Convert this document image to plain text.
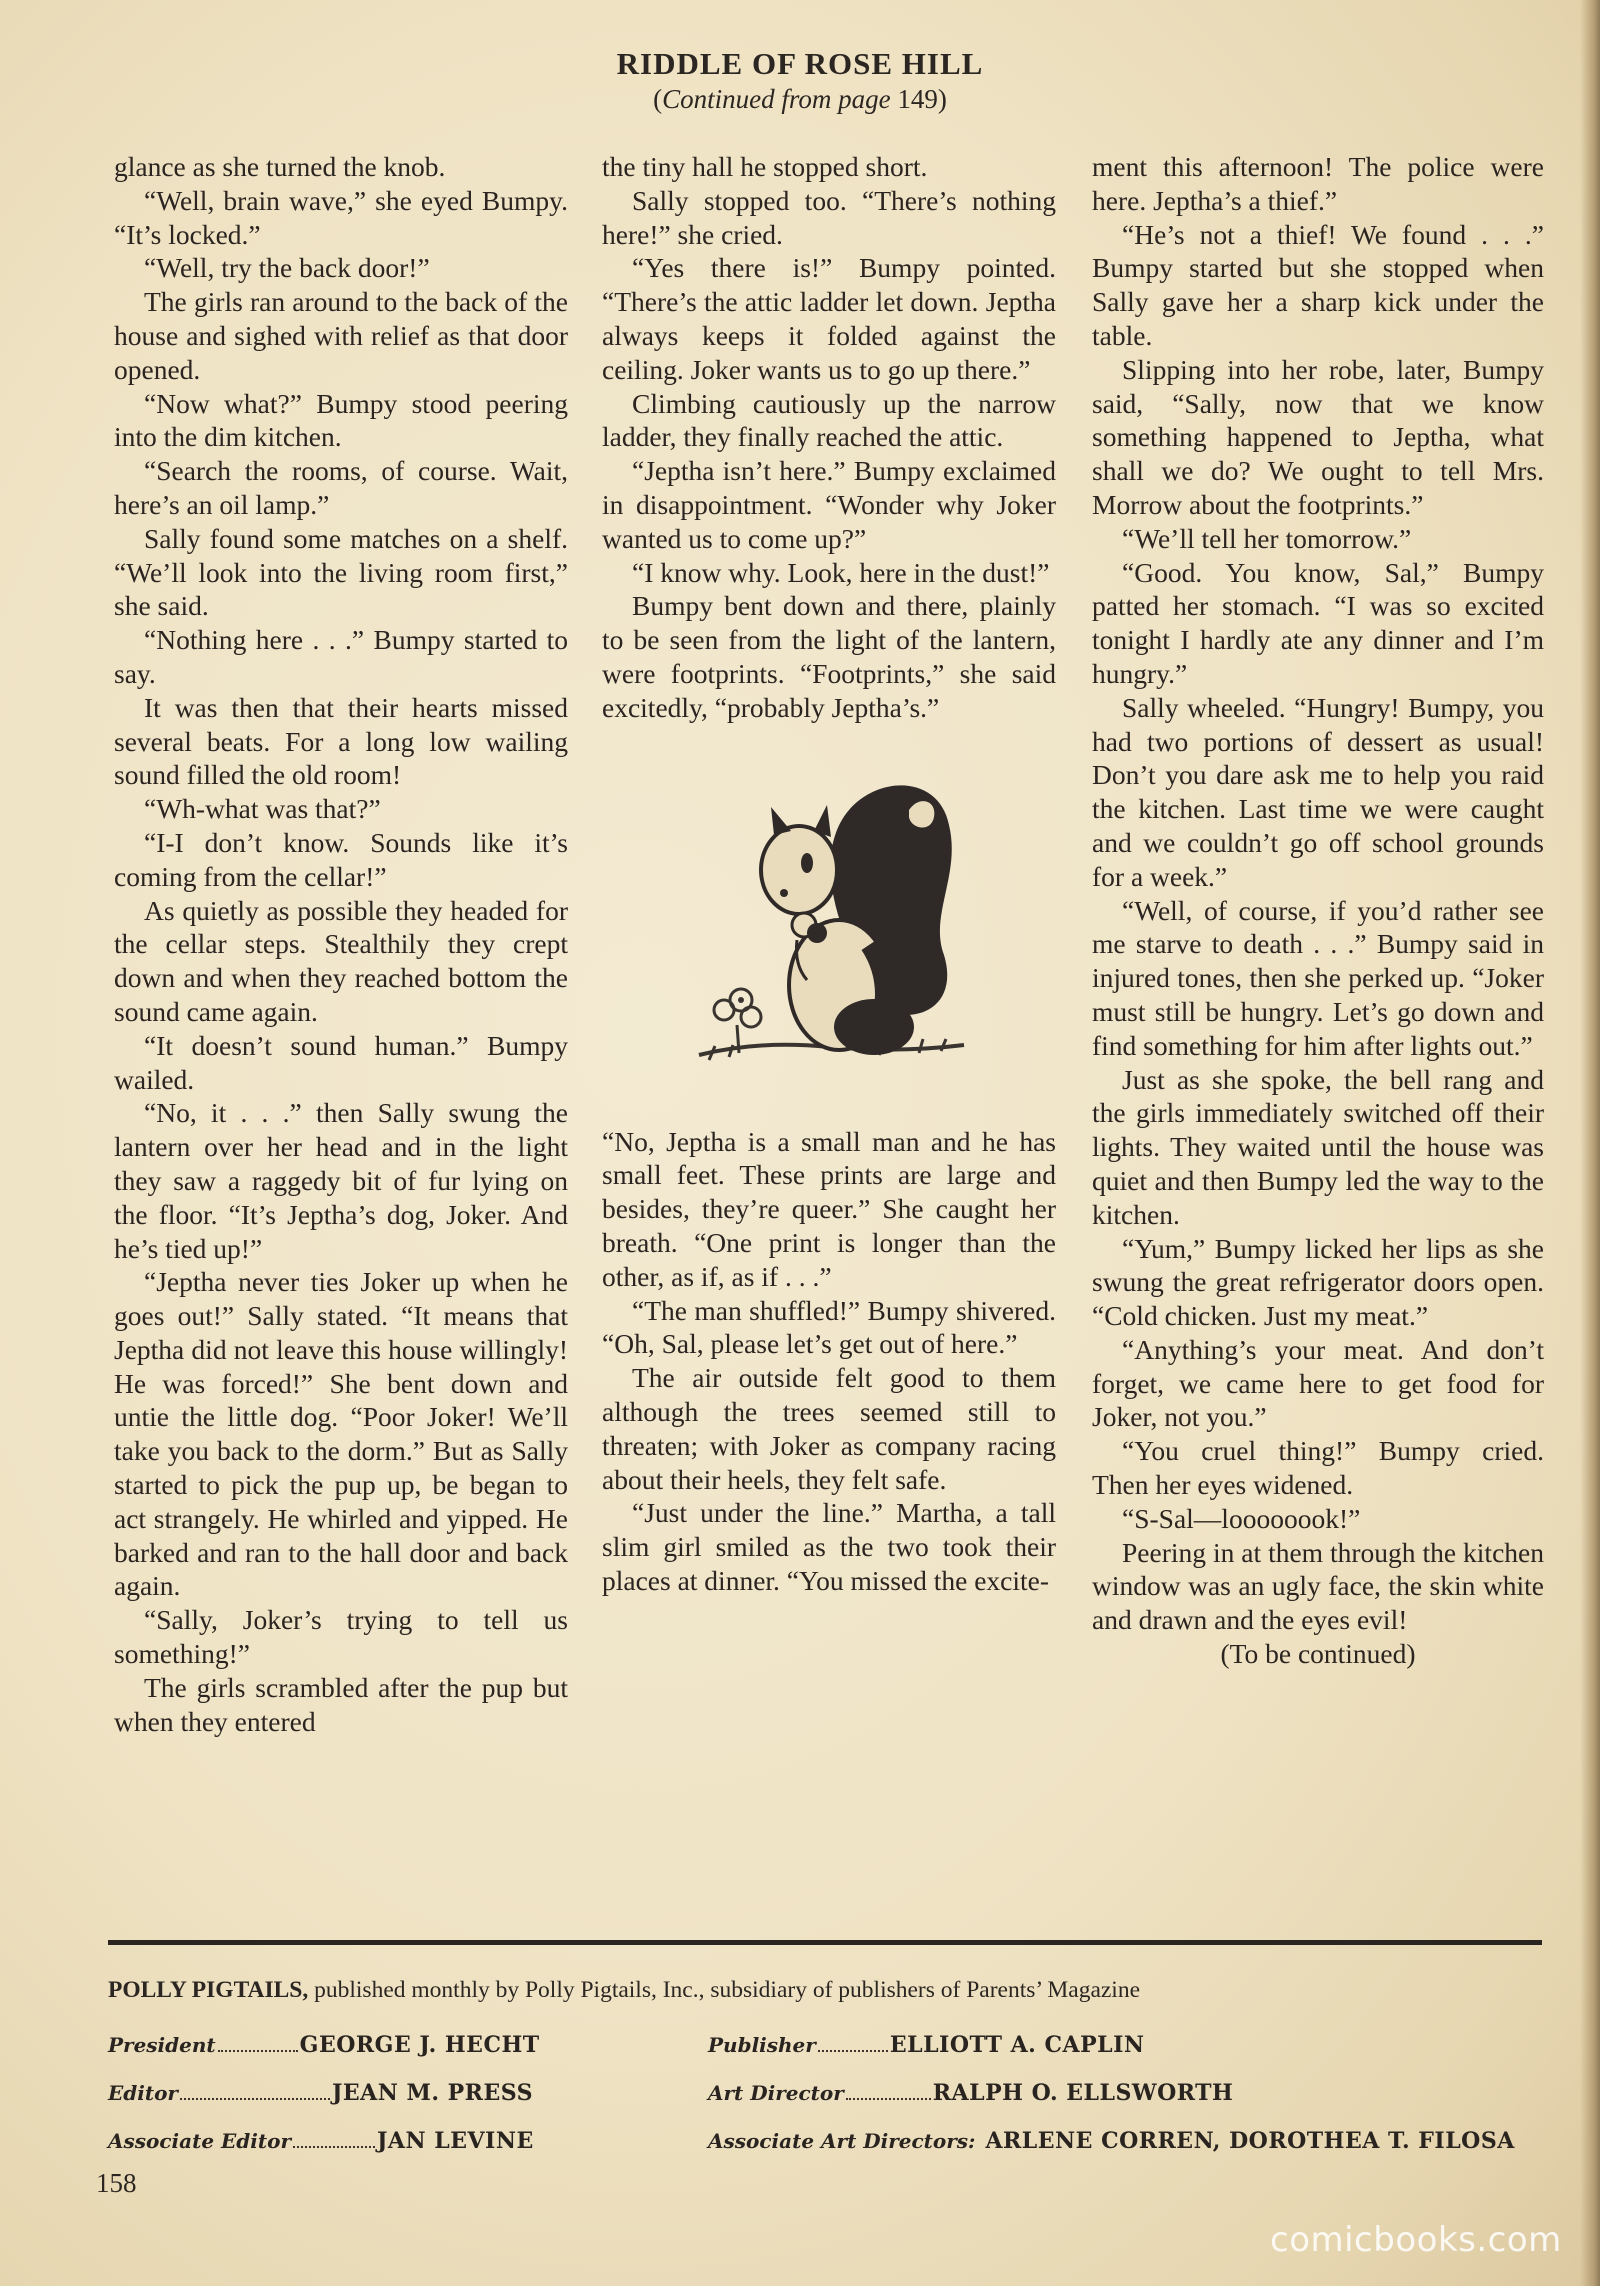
RIDDLE OF ROSE HILL
(Continued from page 149)

glance as she turned the knob.

“Well, brain wave,” she eyed Bumpy. “It’s locked.”

“Well, try the back door!”

The girls ran around to the back of the house and sighed with relief as that door opened.

“Now what?” Bumpy stood peering into the dim kitchen.

“Search the rooms, of course. Wait, here’s an oil lamp.”

Sally found some matches on a shelf. “We’ll look into the living room first,” she said.

“Nothing here . . .” Bumpy started to say.

It was then that their hearts missed several beats. For a long low wailing sound filled the old room!

“Wh-what was that?”

“I-I don’t know. Sounds like it’s coming from the cellar!”

As quietly as possible they headed for the cellar steps. Stealthily they crept down and when they reached bottom the sound came again.

“It doesn’t sound human.” Bumpy wailed.

“No, it . . .” then Sally swung the lantern over her head and in the light they saw a raggedy bit of fur lying on the floor. “It’s Jeptha’s dog, Joker. And he’s tied up!”

“Jeptha never ties Joker up when he goes out!” Sally stated. “It means that Jeptha did not leave this house willingly! He was forced!” She bent down and untie the little dog. “Poor Joker! We’ll take you back to the dorm.” But as Sally started to pick the pup up, be began to act strangely. He whirled and yipped. He barked and ran to the hall door and back again.

“Sally, Joker’s trying to tell us something!”

The girls scrambled after the pup but when they entered

the tiny hall he stopped short.

Sally stopped too. “There’s nothing here!” she cried.

“Yes there is!” Bumpy pointed. “There’s the attic ladder let down. Jeptha always keeps it folded against the ceiling. Joker wants us to go up there.”

Climbing cautiously up the narrow ladder, they finally reached the attic.

“Jeptha isn’t here.” Bumpy exclaimed in disappointment. “Wonder why Joker wanted us to come up?”

“I know why. Look, here in the dust!”

Bumpy bent down and there, plainly to be seen from the light of the lantern, were footprints. “Footprints,” she said excitedly, “probably Jeptha’s.”

“No, Jeptha is a small man and he has small feet. These prints are large and besides, they’re queer.” She caught her breath. “One print is longer than the other, as if, as if . . .”

“The man shuffled!” Bumpy shivered. “Oh, Sal, please let’s get out of here.”

The air outside felt good to them although the trees seemed still to threaten; with Joker as company racing about their heels, they felt safe.

“Just under the line.” Martha, a tall slim girl smiled as the two took their places at dinner. “You missed the excite-

ment this afternoon! The police were here. Jeptha’s a thief.”

“He’s not a thief! We found . . .” Bumpy started but she stopped when Sally gave her a sharp kick under the table.

Slipping into her robe, later, Bumpy said, “Sally, now that we know something happened to Jeptha, what shall we do? We ought to tell Mrs. Morrow about the footprints.”

“We’ll tell her tomorrow.”

“Good. You know, Sal,” Bumpy patted her stomach. “I was so excited tonight I hardly ate any dinner and I’m hungry.”

Sally wheeled. “Hungry! Bumpy, you had two portions of dessert as usual! Don’t you dare ask me to help you raid the kitchen. Last time we were caught and we couldn’t go off school grounds for a week.”

“Well, of course, if you’d rather see me starve to death . . .” Bumpy said in injured tones, then she perked up. “Joker must still be hungry. Let’s go down and find something for him after lights out.”

Just as she spoke, the bell rang and the girls immediately switched off their lights. They waited until the house was quiet and then Bumpy led the way to the kitchen.

“Yum,” Bumpy licked her lips as she swung the great refrigerator doors open. “Cold chicken. Just my meat.”

“Anything’s your meat. And don’t forget, we came here to get food for Joker, not you.”

“You cruel thing!” Bumpy cried. Then her eyes widened.

“S-Sal—loooooook!”

Peering in at them through the kitchen window was an ugly face, the skin white and drawn and the eyes evil!

(To be continued)

POLLY PIGTAILS, published monthly by Polly Pigtails, Inc., subsidiary of publishers of Parents’ Magazine
President	GEORGE J. HECHT	Publisher	ELLIOTT A. CAPLIN
Editor	JEAN M. PRESS	Art Director	RALPH O. ELLSWORTH
Associate Editor	JAN LEVINE	Associate Art Directors: ARLENE CORREN, DOROTHEA T. FILOSA
158
comicbooks.com
